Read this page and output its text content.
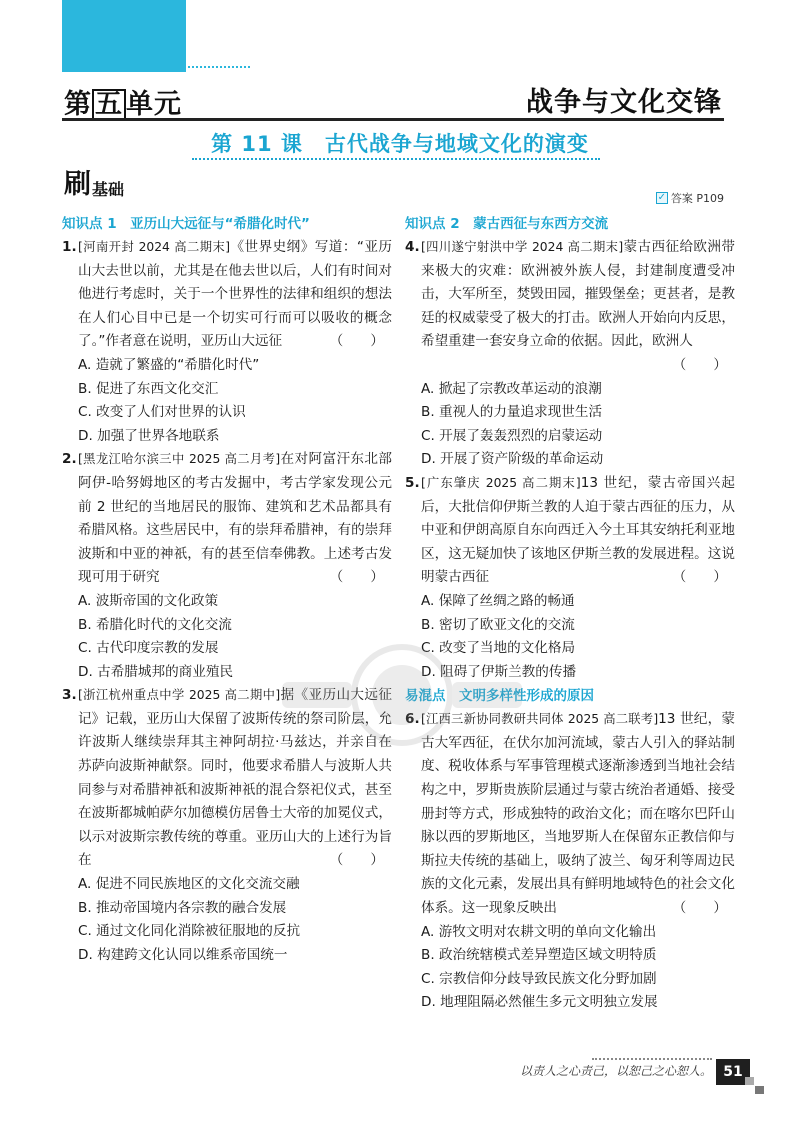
第 五 单元	战争与文化交锋
第 11 课　古代战争与地域文化的演变
刷 基础	✓ 答案 P109
知识点 1　亚历山大远征与“希腊化时代”
1. [河南开封 2024 高二期末]《世界史纲》写道：“亚历山大去世以前，尤其是在他去世以后，人们有时间对他进行考虑时，关于一个世界性的法律和组织的想法在人们心目中已是一个切实可行而可以吸收的概念了。”作者意在说明，亚历山大远征	（　　）
A. 造就了繁盛的“希腊化时代”
B. 促进了东西文化交汇
C. 改变了人们对世界的认识
D. 加强了世界各地联系
2. [黑龙江哈尔滨三中 2025 高二月考]在对阿富汗东北部阿伊-哈努姆地区的考古发掘中，考古学家发现公元前 2 世纪的当地居民的服饰、建筑和艺术品都具有希腊风格。这些居民中，有的崇拜希腊神，有的崇拜波斯和中亚的神祇，有的甚至信奉佛教。上述考古发现可用于研究	（　　）
A. 波斯帝国的文化政策
B. 希腊化时代的文化交流
C. 古代印度宗教的发展
D. 古希腊城邦的商业殖民
3. [浙江杭州重点中学 2025 高二期中]据《亚历山大远征记》记载，亚历山大保留了波斯传统的祭司阶层，允许波斯人继续崇拜其主神阿胡拉·马兹达，并亲自在苏萨向波斯神献祭。同时，他要求希腊人与波斯人共同参与对希腊神祇和波斯神祇的混合祭祀仪式，甚至在波斯都城帕萨尔加德模仿居鲁士大帝的加冕仪式，以示对波斯宗教传统的尊重。亚历山大的上述行为旨在	（　　）
A. 促进不同民族地区的文化交流交融
B. 推动帝国境内各宗教的融合发展
C. 通过文化同化消除被征服地的反抗
D. 构建跨文化认同以维系帝国统一
知识点 2　蒙古西征与东西方交流
4. [四川遂宁射洪中学 2024 高二期末]蒙古西征给欧洲带来极大的灾难：欧洲被外族人侵，封建制度遭受冲击，大军所至，焚毁田园，摧毁堡垒；更甚者，是教廷的权威蒙受了极大的打击。欧洲人开始向内反思，希望重建一套安身立命的依据。因此，欧洲人
（　　）
A. 掀起了宗教改革运动的浪潮
B. 重视人的力量追求现世生活
C. 开展了轰轰烈烈的启蒙运动
D. 开展了资产阶级的革命运动
5. [广东肇庆 2025 高二期末]13 世纪，蒙古帝国兴起后，大批信仰伊斯兰教的人迫于蒙古西征的压力，从中亚和伊朗高原自东向西迁入今土耳其安纳托利亚地区，这无疑加快了该地区伊斯兰教的发展进程。这说明蒙古西征	（　　）
A. 保障了丝绸之路的畅通
B. 密切了欧亚文化的交流
C. 改变了当地的文化格局
D. 阻碍了伊斯兰教的传播
易混点　文明多样性形成的原因
6. [江西三新协同教研共同体 2025 高二联考]13 世纪，蒙古大军西征，在伏尔加河流域，蒙古人引入的驿站制度、税收体系与军事管理模式逐渐渗透到当地社会结构之中，罗斯贵族阶层通过与蒙古统治者通婚、接受册封等方式，形成独特的政治文化；而在喀尔巴阡山脉以西的罗斯地区，当地罗斯人在保留东正教信仰与斯拉夫传统的基础上，吸纳了波兰、匈牙利等周边民族的文化元素，发展出具有鲜明地域特色的社会文化体系。这一现象反映出	（　　）
A. 游牧文明对农耕文明的单向文化输出
B. 政治统辖模式差异塑造区域文明特质
C. 宗教信仰分歧导致民族文化分野加剧
D. 地理阻隔必然催生多元文明独立发展
以责人之心责己，以恕己之心恕人。 51
